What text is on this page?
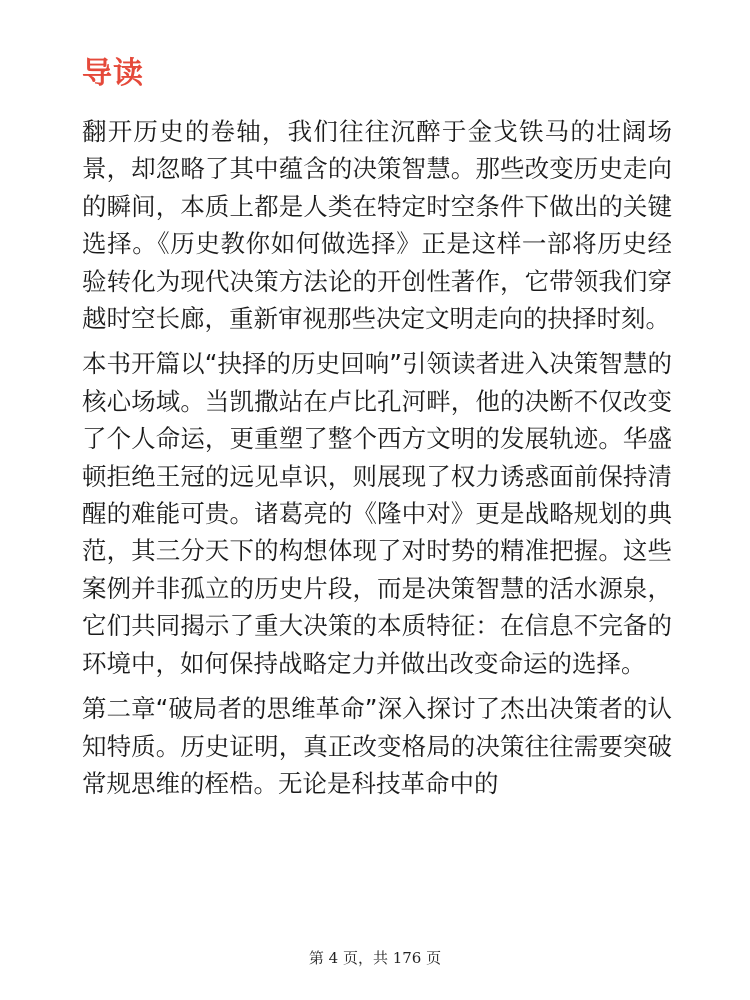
导读

翻开历史的卷轴，我们往往沉醉于金戈铁马的壮阔场景，却忽略了其中蕴含的决策智慧。那些改变历史走向的瞬间，本质上都是人类在特定时空条件下做出的关键选择。《历史教你如何做选择》正是这样一部将历史经验转化为现代决策方法论的开创性著作，它带领我们穿越时空长廊，重新审视那些决定文明走向的抉择时刻。

本书开篇以“抉择的历史回响”引领读者进入决策智慧的核心场域。当凯撒站在卢比孔河畔，他的决断不仅改变了个人命运，更重塑了整个西方文明的发展轨迹。华盛顿拒绝王冠的远见卓识，则展现了权力诱惑面前保持清醒的难能可贵。诸葛亮的《隆中对》更是战略规划的典范，其三分天下的构想体现了对时势的精准把握。这些案例并非孤立的历史片段，而是决策智慧的活水源泉，它们共同揭示了重大决策的本质特征：在信息不完备的环境中，如何保持战略定力并做出改变命运的选择。

第二章“破局者的思维革命”深入探讨了杰出决策者的认知特质。历史证明，真正改变格局的决策往往需要突破常规思维的桎梏。无论是科技革命中的

第 4 页，共 176 页
